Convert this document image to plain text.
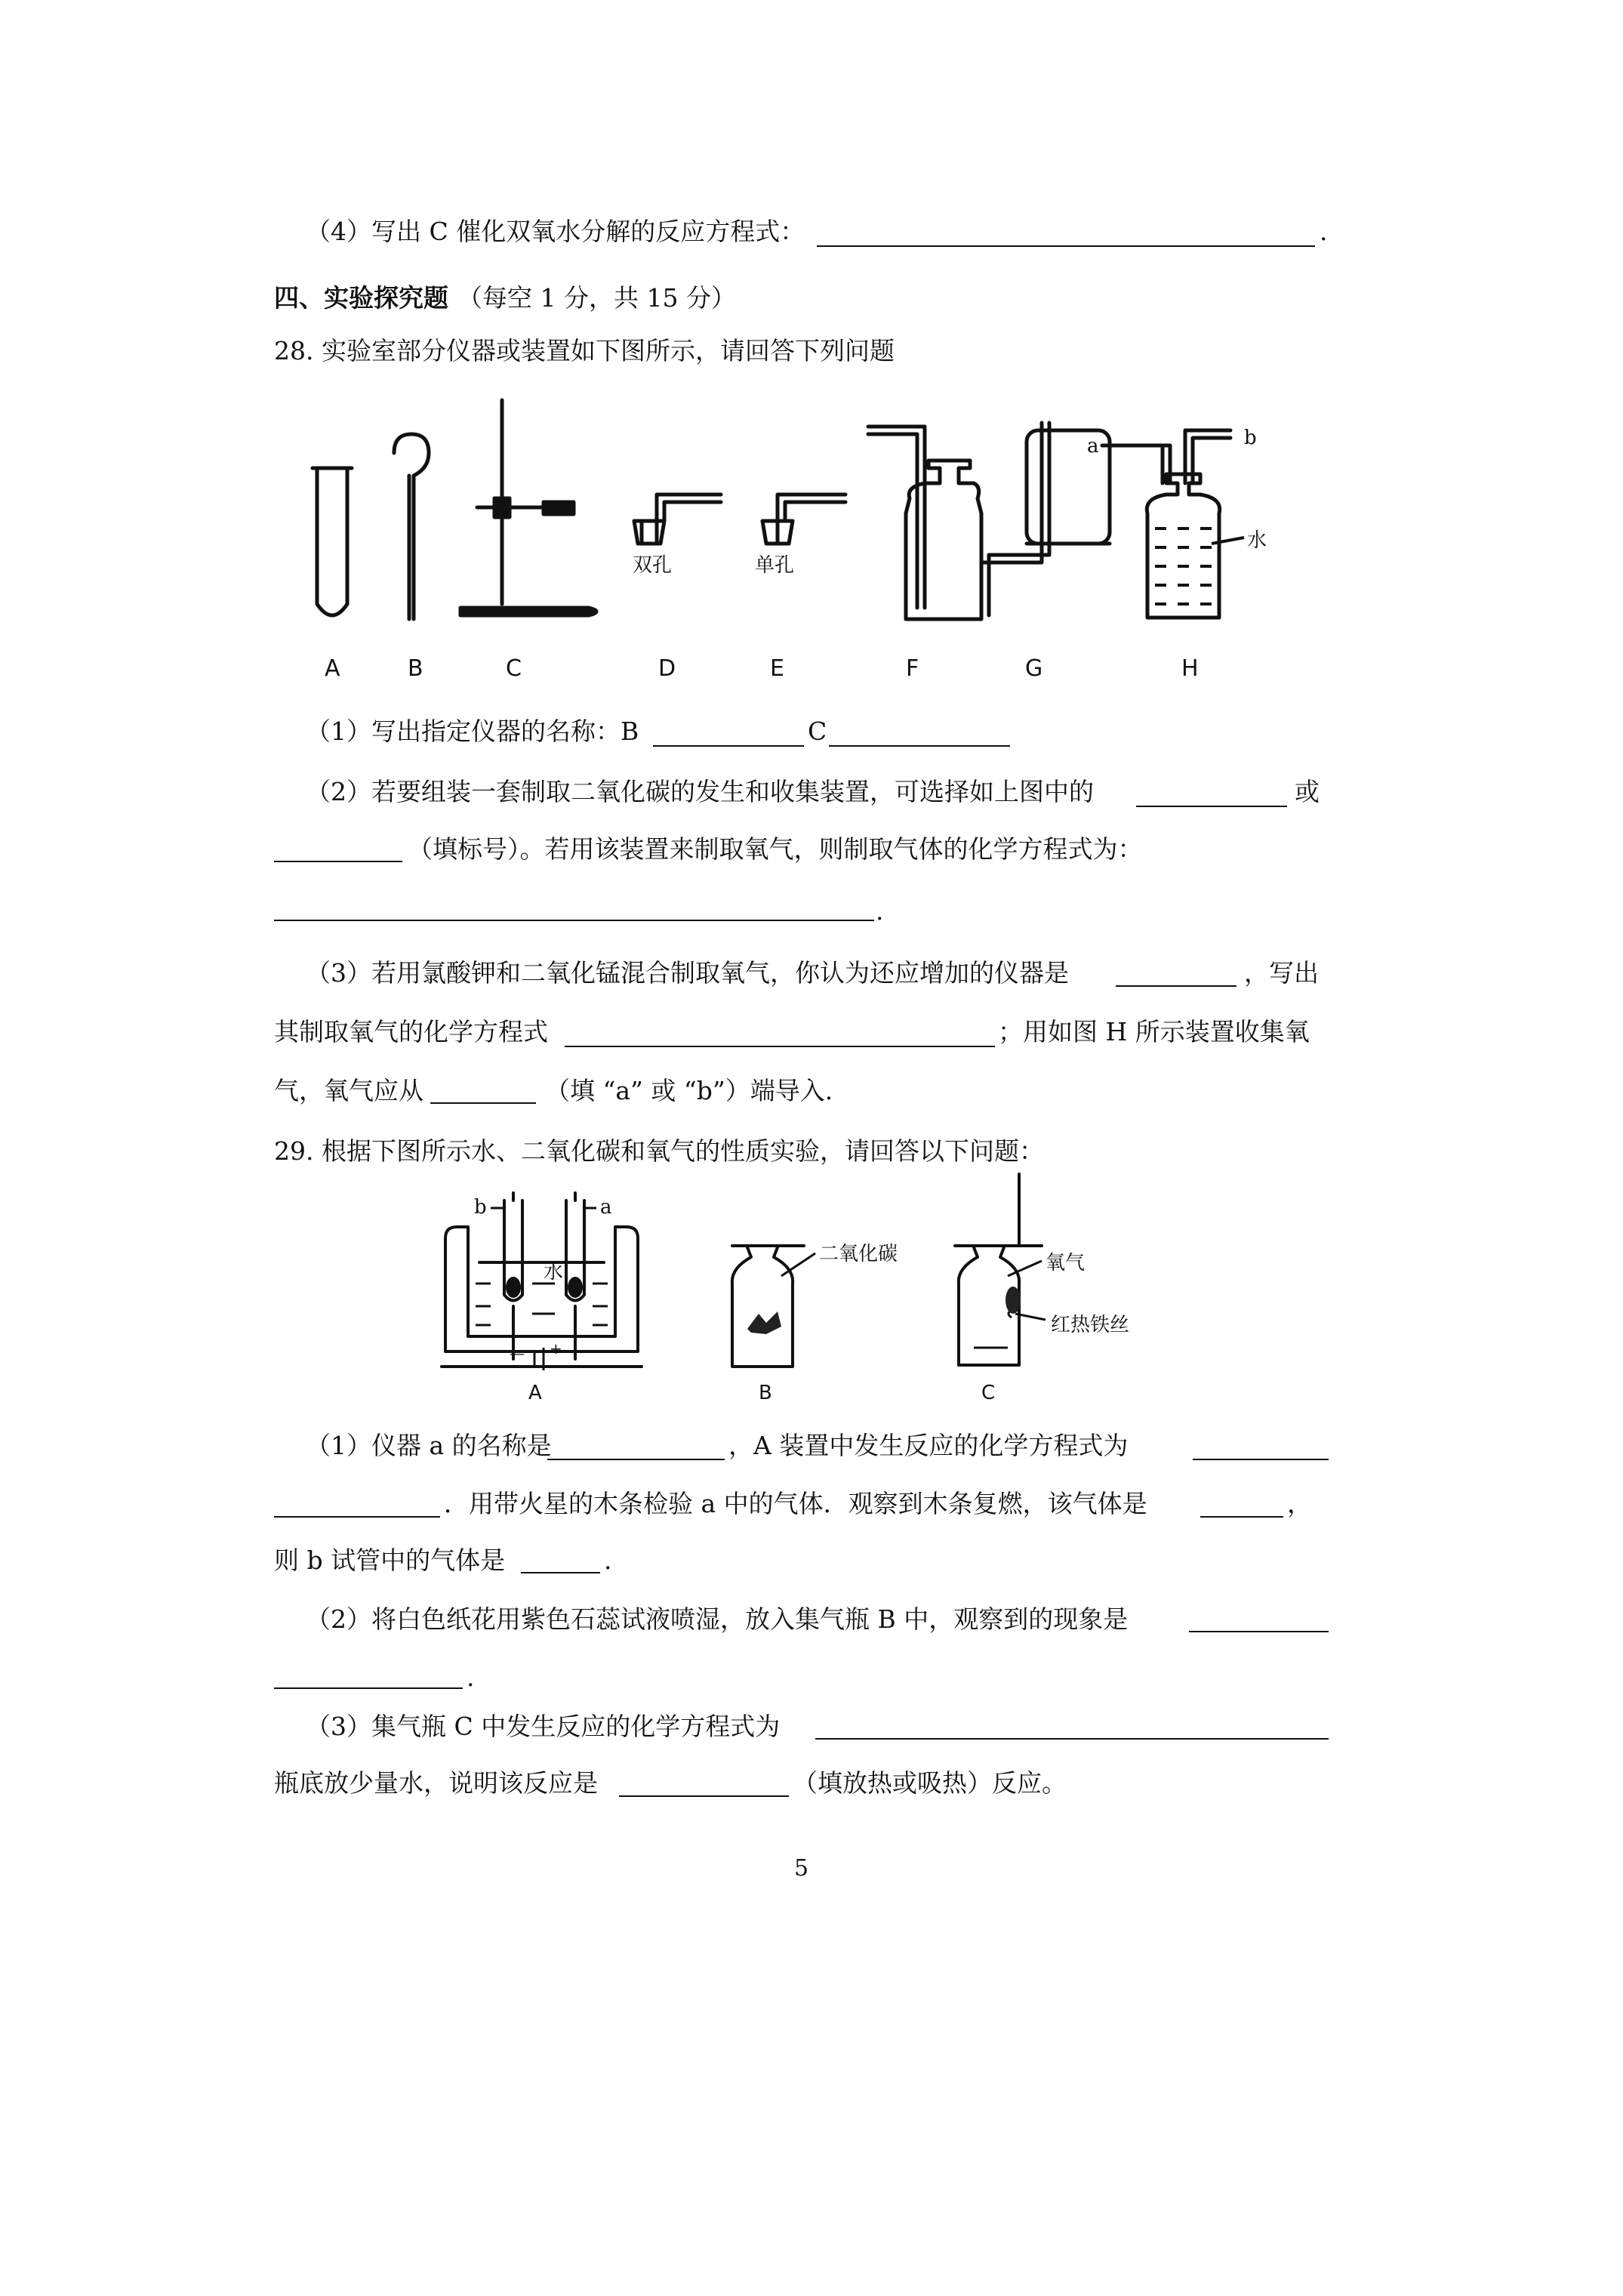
（4）写出 C 催化双氧水分解的反应方程式：	.
四、实验探究题 （每空 1 分，共 15 分）
28. 实验室部分仪器或装置如下图所示，请回答下列问题
双孔	单孔
水
a	b
A	B	C	D	E	F	G	H
（1）写出指定仪器的名称：B	C
（2）若要组装一套制取二氧化碳的发生和收集装置，可选择如上图中的	或
（填标号）。若用该装置来制取氧气，则制取气体的化学方程式为：
.
（3）若用氯酸钾和二氧化锰混合制取氧气，你认为还应增加的仪器是	，写出
其制取氧气的化学方程式	；用如图 H 所示装置收集氧
气，氧气应从	（填 “a” 或 “b”）端导入.
29. 根据下图所示水、二氧化碳和氧气的性质实验，请回答以下问题：
b	a
水
— +
二氧化碳	氧气
红热铁丝
A	B	C
（1）仪器 a 的名称是	，A 装置中发生反应的化学方程式为
．用带火星的木条检验 a 中的气体．观察到木条复燃，该气体是	，
则 b 试管中的气体是	.
（2）将白色纸花用紫色石蕊试液喷湿，放入集气瓶 B 中，观察到的现象是
.
（3）集气瓶 C 中发生反应的化学方程式为
瓶底放少量水，说明该反应是	（填放热或吸热）反应。
5
